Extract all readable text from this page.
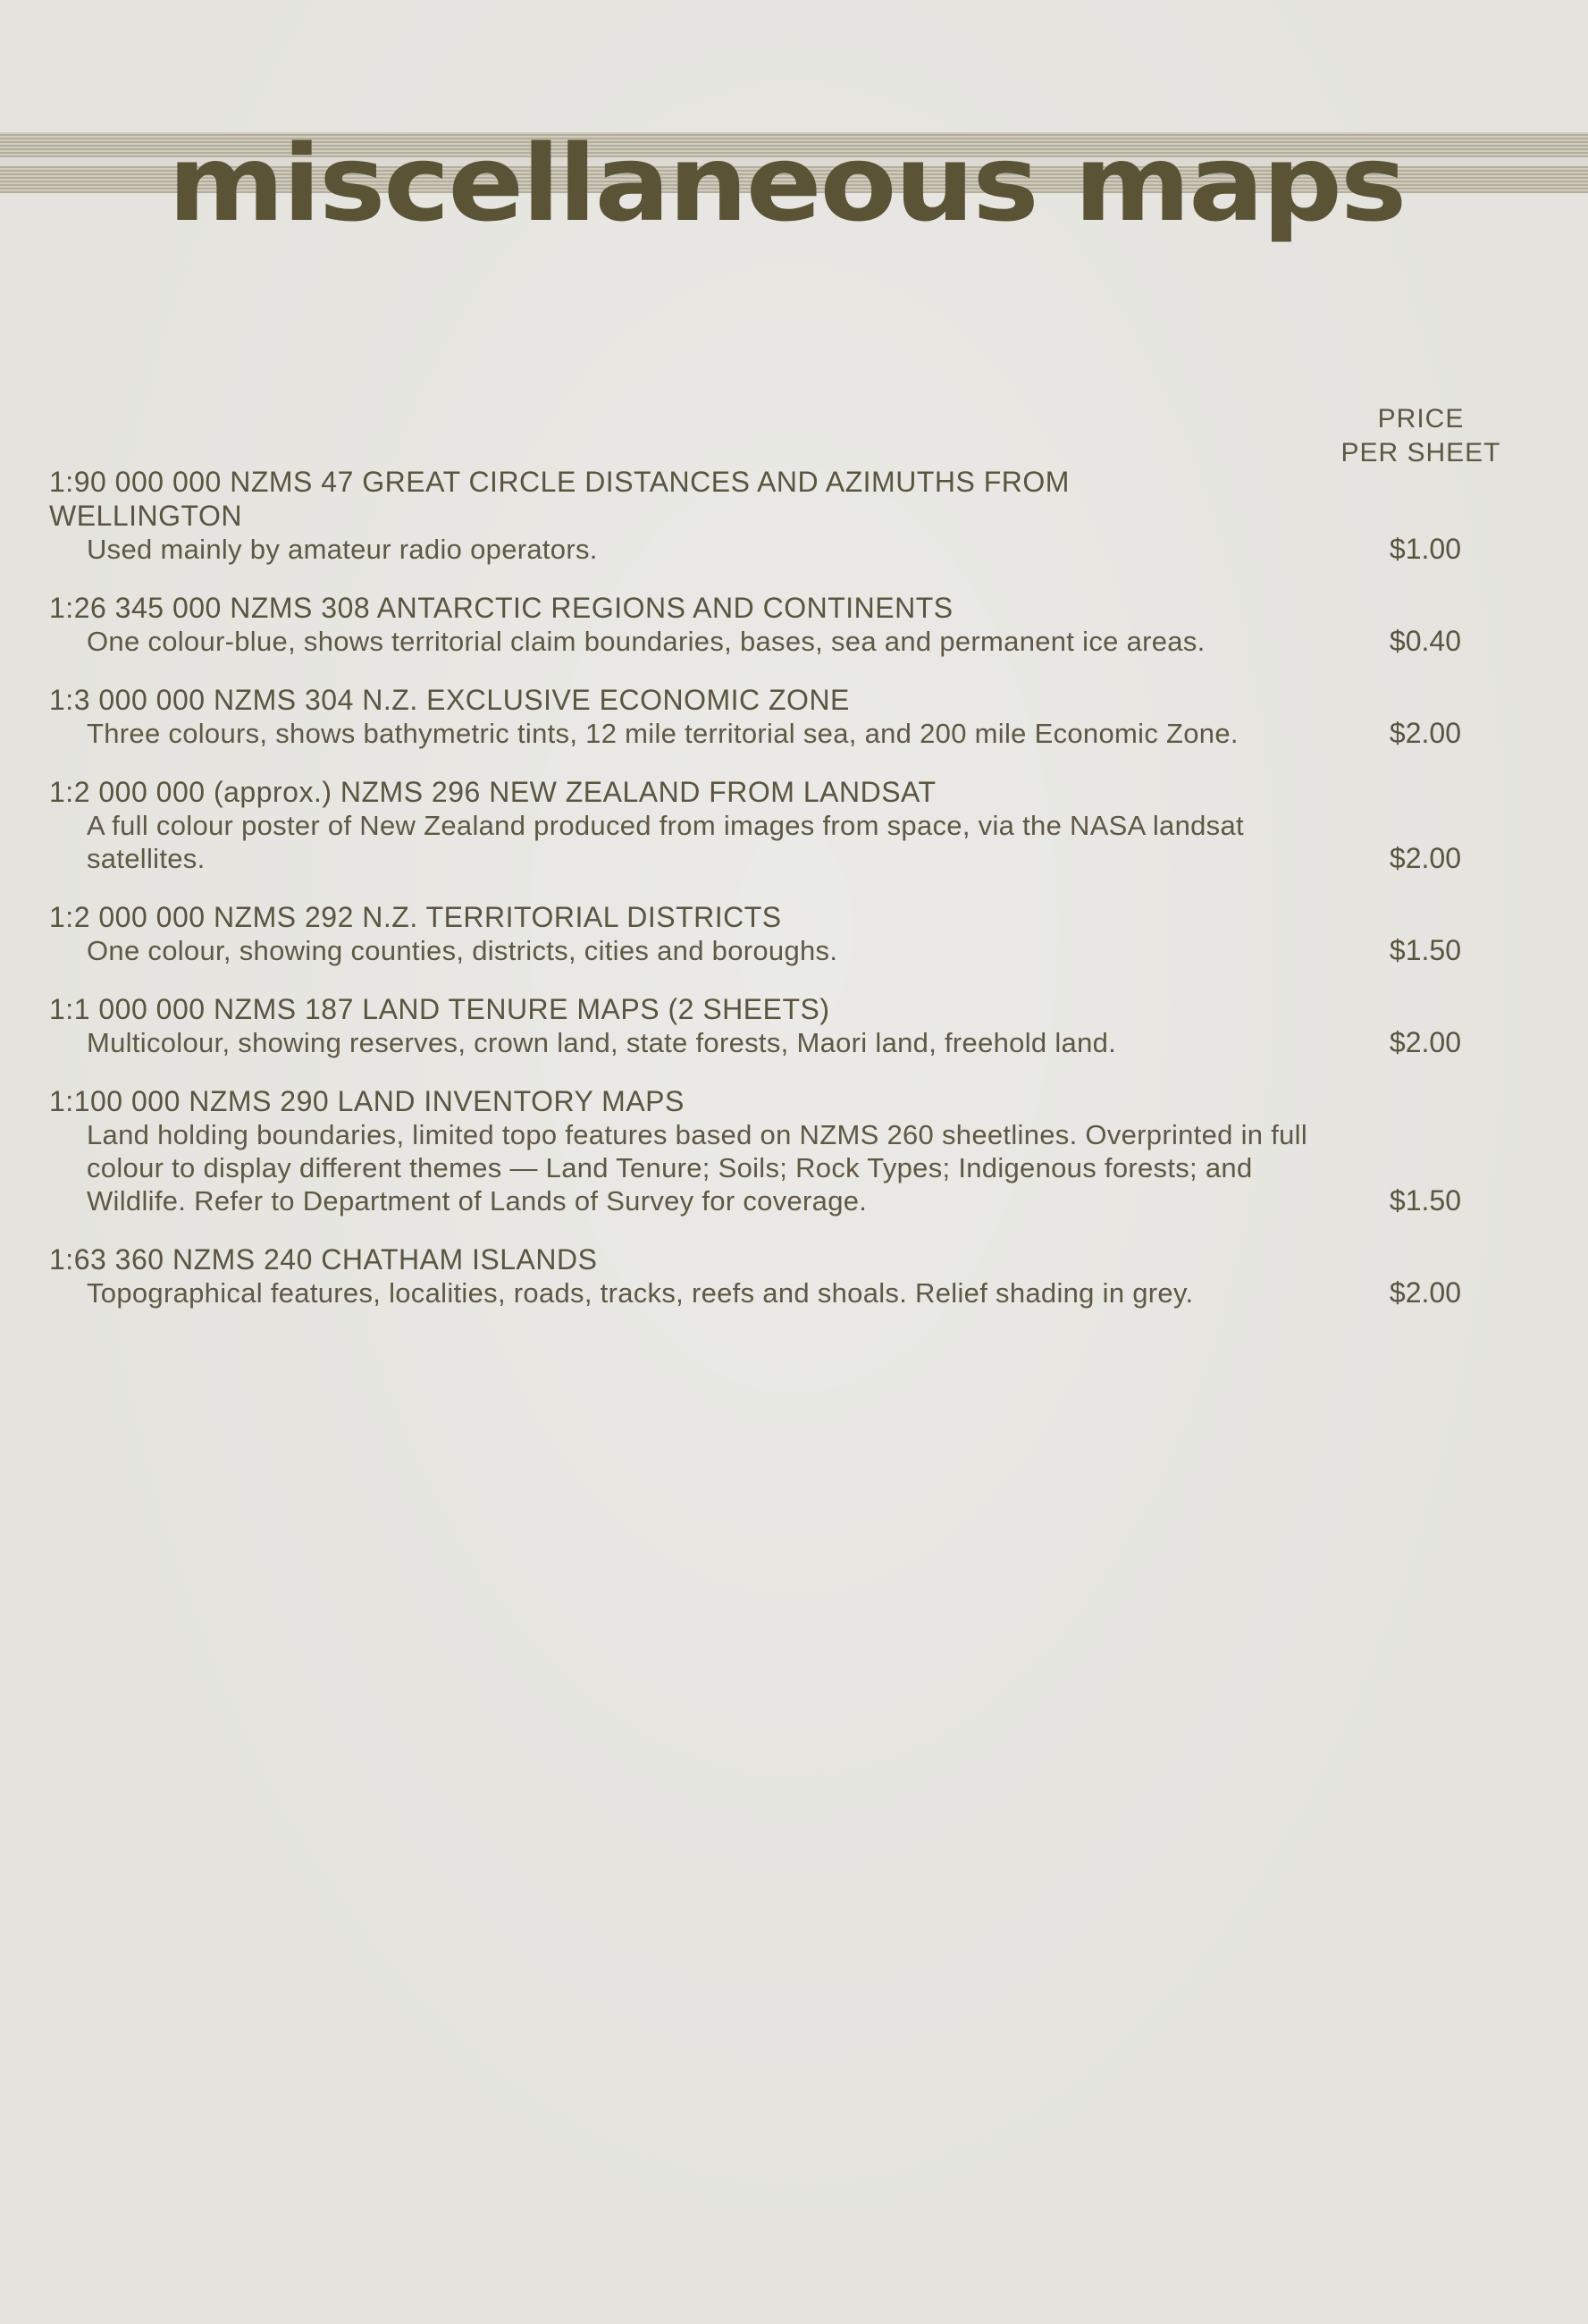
miscellaneous maps
PRICE
PER SHEET
1:90 000 000 NZMS 47 GREAT CIRCLE DISTANCES AND AZIMUTHS FROM WELLINGTON
Used mainly by amateur radio operators.	$1.00
1:26 345 000 NZMS 308 ANTARCTIC REGIONS AND CONTINENTS
One colour-blue, shows territorial claim boundaries, bases, sea and permanent ice areas.	$0.40
1:3 000 000 NZMS 304 N.Z. EXCLUSIVE ECONOMIC ZONE
Three colours, shows bathymetric tints, 12 mile territorial sea, and 200 mile Economic Zone.	$2.00
1:2 000 000 (approx.) NZMS 296 NEW ZEALAND FROM LANDSAT
A full colour poster of New Zealand produced from images from space, via the NASA landsat satellites.	$2.00
1:2 000 000 NZMS 292 N.Z. TERRITORIAL DISTRICTS
One colour, showing counties, districts, cities and boroughs.	$1.50
1:1 000 000 NZMS 187 LAND TENURE MAPS (2 SHEETS)
Multicolour, showing reserves, crown land, state forests, Maori land, freehold land.	$2.00
1:100 000 NZMS 290 LAND INVENTORY MAPS
Land holding boundaries, limited topo features based on NZMS 260 sheetlines. Overprinted in full colour to display different themes — Land Tenure; Soils; Rock Types; Indigenous forests; and Wildlife. Refer to Department of Lands of Survey for coverage.	$1.50
1:63 360 NZMS 240 CHATHAM ISLANDS
Topographical features, localities, roads, tracks, reefs and shoals. Relief shading in grey.	$2.00
